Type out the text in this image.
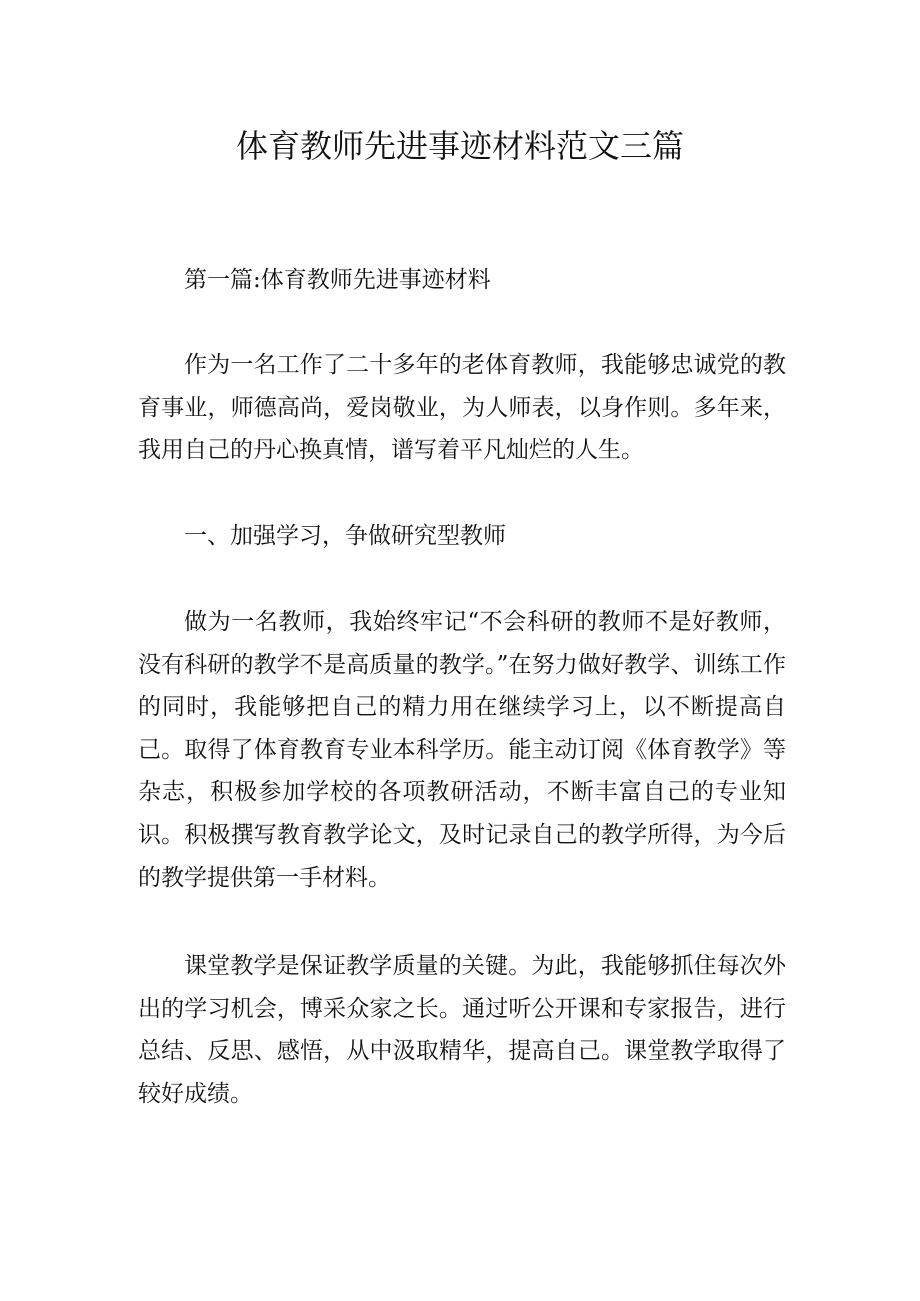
体育教师先进事迹材料范文三篇

第一篇:体育教师先进事迹材料

作为一名工作了二十多年的老体育教师，我能够忠诚党的教育事业，师德高尚，爱岗敬业，为人师表，以身作则。多年来，我用自己的丹心换真情，谱写着平凡灿烂的人生。

一、加强学习，争做研究型教师

做为一名教师，我始终牢记“不会科研的教师不是好教师，没有科研的教学不是高质量的教学。”在努力做好教学、训练工作的同时，我能够把自己的精力用在继续学习上，以不断提高自己。取得了体育教育专业本科学历。能主动订阅《体育教学》等杂志，积极参加学校的各项教研活动，不断丰富自己的专业知识。积极撰写教育教学论文，及时记录自己的教学所得，为今后的教学提供第一手材料。

课堂教学是保证教学质量的关键。为此，我能够抓住每次外出的学习机会，博采众家之长。通过听公开课和专家报告，进行总结、反思、感悟，从中汲取精华，提高自己。课堂教学取得了较好成绩。
